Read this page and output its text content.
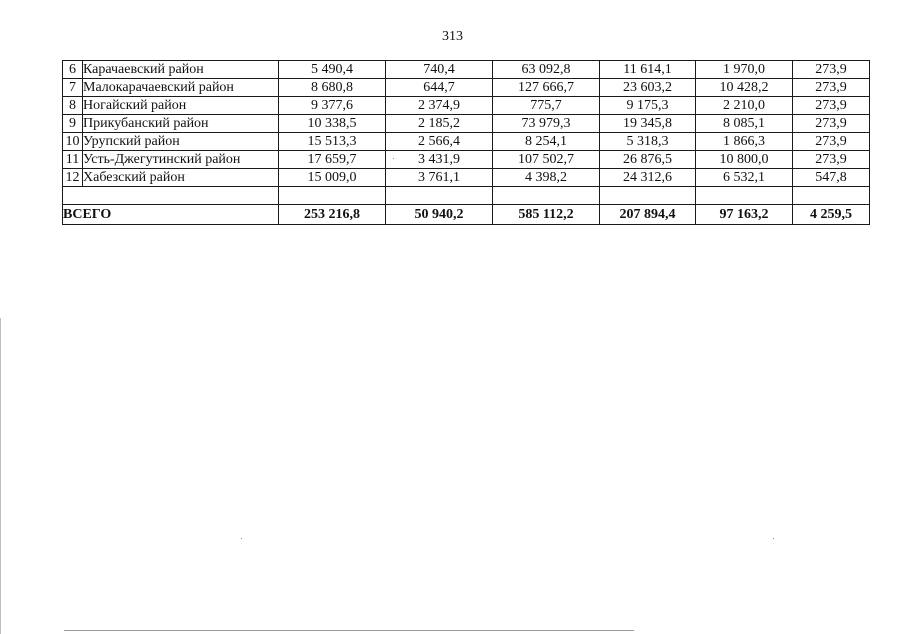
313
6	Карачаевский район	5 490,4	740,4	63 092,8	11 614,1	1 970,0	273,9
7	Малокарачаевский район	8 680,8	644,7	127 666,7	23 603,2	10 428,2	273,9
8	Ногайский район	9 377,6	2 374,9	775,7	9 175,3	2 210,0	273,9
9	Прикубанский район	10 338,5	2 185,2	73 979,3	19 345,8	8 085,1	273,9
10	Урупский район	15 513,3	2 566,4	8 254,1	5 318,3	1 866,3	273,9
11	Усть-Джегутинский район	17 659,7	3 431,9	107 502,7	26 876,5	10 800,0	273,9
12	Хабезский район	15 009,0	3 761,1	4 398,2	24 312,6	6 532,1	547,8

ВСЕГО		253 216,8	50 940,2	585 112,2	207 894,4	97 163,2	4 259,5
